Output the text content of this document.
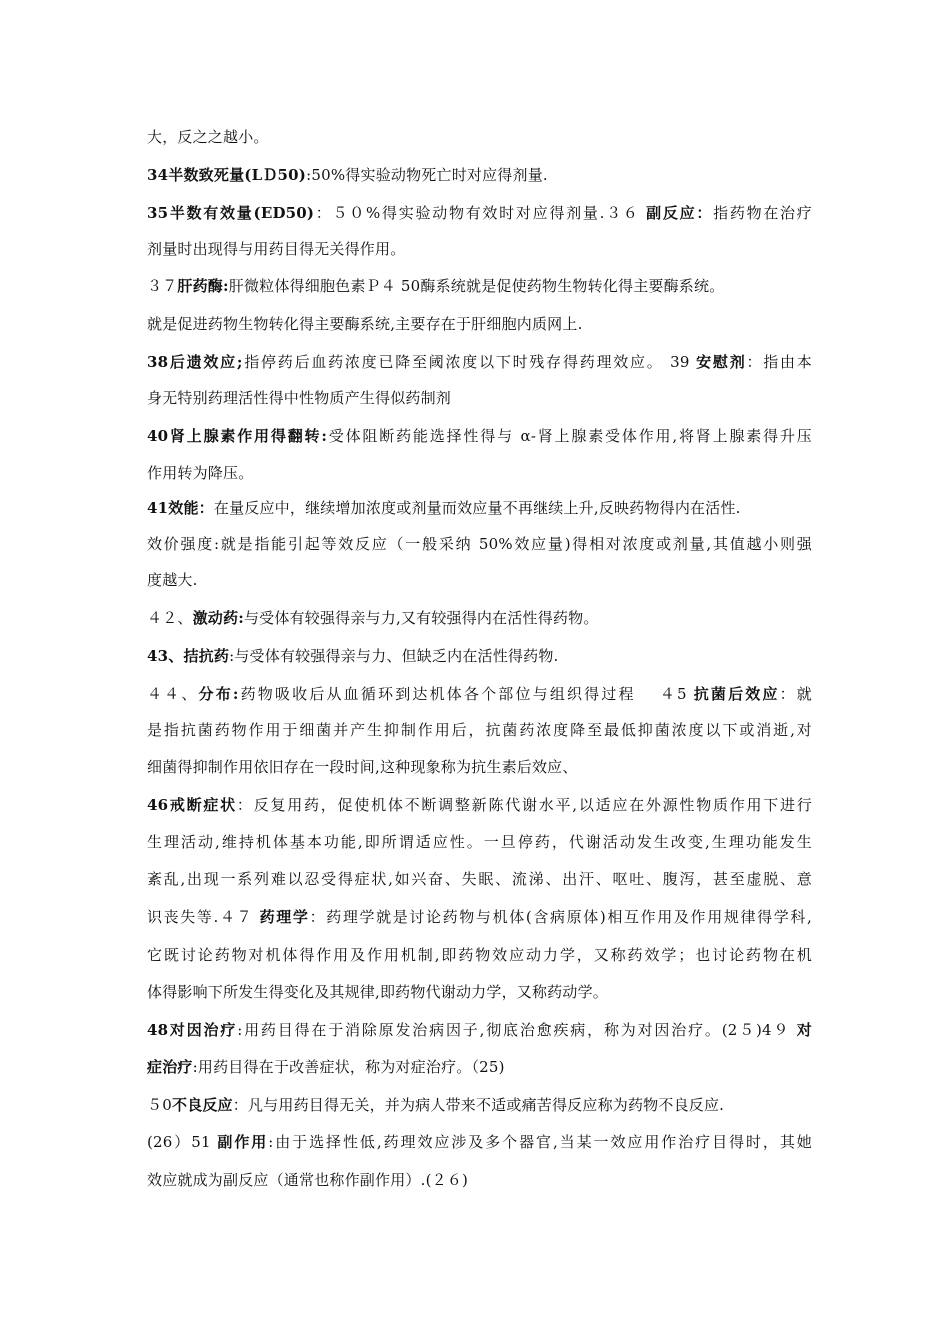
大，反之之越小。
34半数致死量(LＤ50):50%得实验动物死亡时对应得剂量.
35半数有效量(ED50)：５０%得实验动物有效时对应得剂量.３６ 副反应：指药物在治疗
剂量时出现得与用药目得无关得作用。
３７肝药酶:肝微粒体得细胞色素Ｐ４ 50酶系统就是促使药物生物转化得主要酶系统。
就是促进药物生物转化得主要酶系统,主要存在于肝细胞内质网上.
38后遗效应;指停药后血药浓度已降至阈浓度以下时残存得药理效应。 39 安慰剂：指由本
身无特别药理活性得中性物质产生得似药制剂
40肾上腺素作用得翻转:受体阻断药能选择性得与 α-肾上腺素受体作用,将肾上腺素得升压
作用转为降压。
41效能：在量反应中，继续增加浓度或剂量而效应量不再继续上升,反映药物得内在活性.
效价强度:就是指能引起等效反应（一般采纳 50%效应量)得相对浓度或剂量,其值越小则强
度越大.
４２、激动药:与受体有较强得亲与力,又有较强得内在活性得药物。
43、拮抗药:与受体有较强得亲与力、但缺乏内在活性得药物.
４４、分布:药物吸收后从血循环到达机体各个部位与组织得过程　 ４5 抗菌后效应：就
是指抗菌药物作用于细菌并产生抑制作用后，抗菌药浓度降至最低抑菌浓度以下或消逝,对
细菌得抑制作用依旧存在一段时间,这种现象称为抗生素后效应、
46戒断症状：反复用药，促使机体不断调整新陈代谢水平,以适应在外源性物质作用下进行
生理活动,维持机体基本功能,即所谓适应性。一旦停药，代谢活动发生改变,生理功能发生
紊乱,出现一系列难以忍受得症状,如兴奋、失眠、流涕、出汗、呕吐、腹泻，甚至虚脱、意
识丧失等.４７ 药理学：药理学就是讨论药物与机体(含病原体)相互作用及作用规律得学科,
它既讨论药物对机体得作用及作用机制,即药物效应动力学，又称药效学；也讨论药物在机
体得影响下所发生得变化及其规律,即药物代谢动力学，又称药动学。
48对因治疗:用药目得在于消除原发治病因子,彻底治愈疾病，称为对因治疗。(2５)4９ 对
症治疗:用药目得在于改善症状，称为对症治疗。（25)
５0不良反应：凡与用药目得无关，并为病人带来不适或痛苦得反应称为药物不良反应.
(26）51 副作用:由于选择性低,药理效应涉及多个器官,当某一效应用作治疗目得时，其她
效应就成为副反应（通常也称作副作用）.(２６)
